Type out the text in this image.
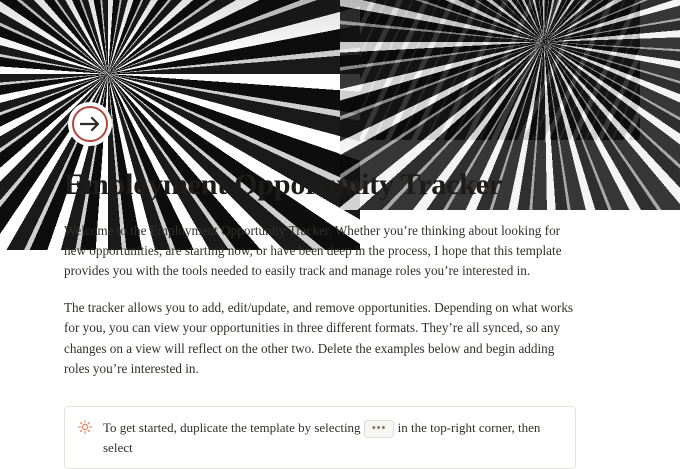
Employment Opportunity Tracker

Welcome to the Employment Opportunity Tracker. Whether you’re thinking about looking for new opportunities, are starting now, or have been deep in the process, I hope that this template provides you with the tools needed to easily track and manage roles you’re interested in.

The tracker allows you to add, edit/update, and remove opportunities. Depending on what works for you, you can view your opportunities in three different formats. They’re all synced, so any changes on a view will reflect on the other two. Delete the examples below and begin adding roles you’re interested in.

To get started, duplicate the template by selecting ••• in the top-right corner, then select
